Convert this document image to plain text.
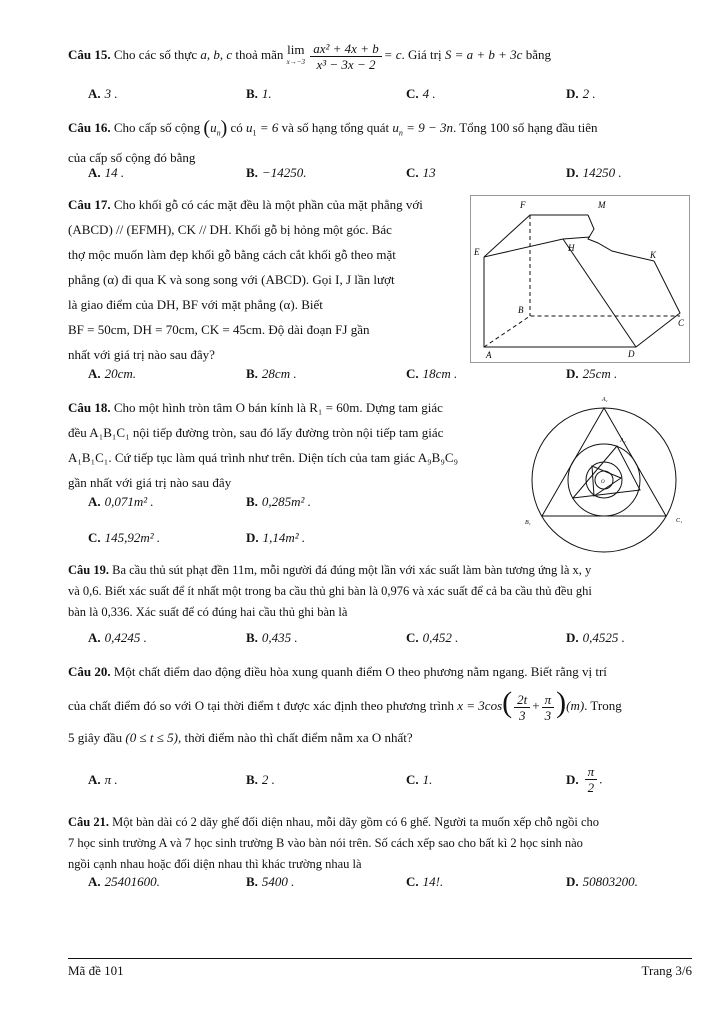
Câu 15. Cho các số thực a, b, c thoả mãn lim
x→−3
$\frac{\text{ax² + 4x + b}}{\text{x³ − 3x − 2}} = c$. Giá trị S = a + b + 3c bằng
A. 3 .	B. 1.	C. 4 .	D. 2 .
Câu 16. Cho cấp số cộng $(u_n)$ có $u_1 = 6$ và số hạng tổng quát $u_n = 9 - 3n$. Tổng 100 số hạng đầu tiên
của cấp số cộng đó bằng
A. 14 .	B. −14250.	C. 13	D. 14250 .
Câu 17. Cho khối gỗ có các mặt đều là một phần của mặt phẳng với
(ABCD) // (EFMH), CK // DH. Khối gỗ bị hỏng một góc. Bác
thợ mộc muốn làm đẹp khối gỗ bằng cách cắt khối gỗ theo mặt
phẳng (α) đi qua K và song song với (ABCD). Gọi I, J lần lượt
là giao điểm của DH, BF với mặt phẳng (α). Biết
BF = 50cm, DH = 70cm, CK = 45cm. Độ dài đoạn FJ gần
nhất với giá trị nào sau đây?
F	M
E	H
K
B
C
A	D
A. 20cm.	B. 28cm .	C. 18cm .	D. 25cm .
Câu 18. Cho một hình tròn tâm O bán kính là R₁ = 60m. Dựng tam giác
đều A₁B₁C₁ nội tiếp đường tròn, sau đó lấy đường tròn nội tiếp tam giác
A₁B₁C₁. Cứ tiếp tục làm quá trình như trên. Diện tích của tam giác A₉B₉C₉
gần nhất với giá trị nào sau đây
A₁
A₂
B₁	C₁
O
A. 0,071m² .	B. 0,285m² .
C. 145,92m² .	D. 1,14m² .
Câu 19. Ba cầu thủ sút phạt đền 11m, mỗi người đá đúng một lần với xác suất làm bàn tương ứng là x, y
và 0,6. Biết xác suất để ít nhất một trong ba cầu thủ ghi bàn là 0,976 và xác suất để cả ba cầu thủ đều ghi
bàn là 0,336. Xác suất để có đúng hai cầu thủ ghi bàn là
A. 0,4245 .	B. 0,435 .	C. 0,452 .	D. 0,4525 .
Câu 20. Một chất điểm dao động điều hòa xung quanh điểm O theo phương nằm ngang. Biết rằng vị trí
của chất điểm đó so với O tại thời điểm t được xác định theo phương trình $x = 3\cos( \frac{2t}{3} + \frac{\pi}{3} )(m)$. Trong
5 giây đầu (0 ≤ t ≤ 5), thời điểm nào thì chất điểm nằm xa O nhất?
A. π .	B. 2 .	C. 1.	D. $\frac{\pi}{2}$ .
Câu 21. Một bàn dài có 2 dãy ghế đối diện nhau, mỗi dãy gồm có 6 ghế. Người ta muốn xếp chỗ ngồi cho
7 học sinh trường A và 7 học sinh trường B vào bàn nói trên. Số cách xếp sao cho bất kì 2 học sinh nào
ngồi cạnh nhau hoặc đối diện nhau thì khác trường nhau là
A. 25401600.	B. 5400 .	C. 14!.	D. 50803200.
Mã đề 101	Trang 3/6
